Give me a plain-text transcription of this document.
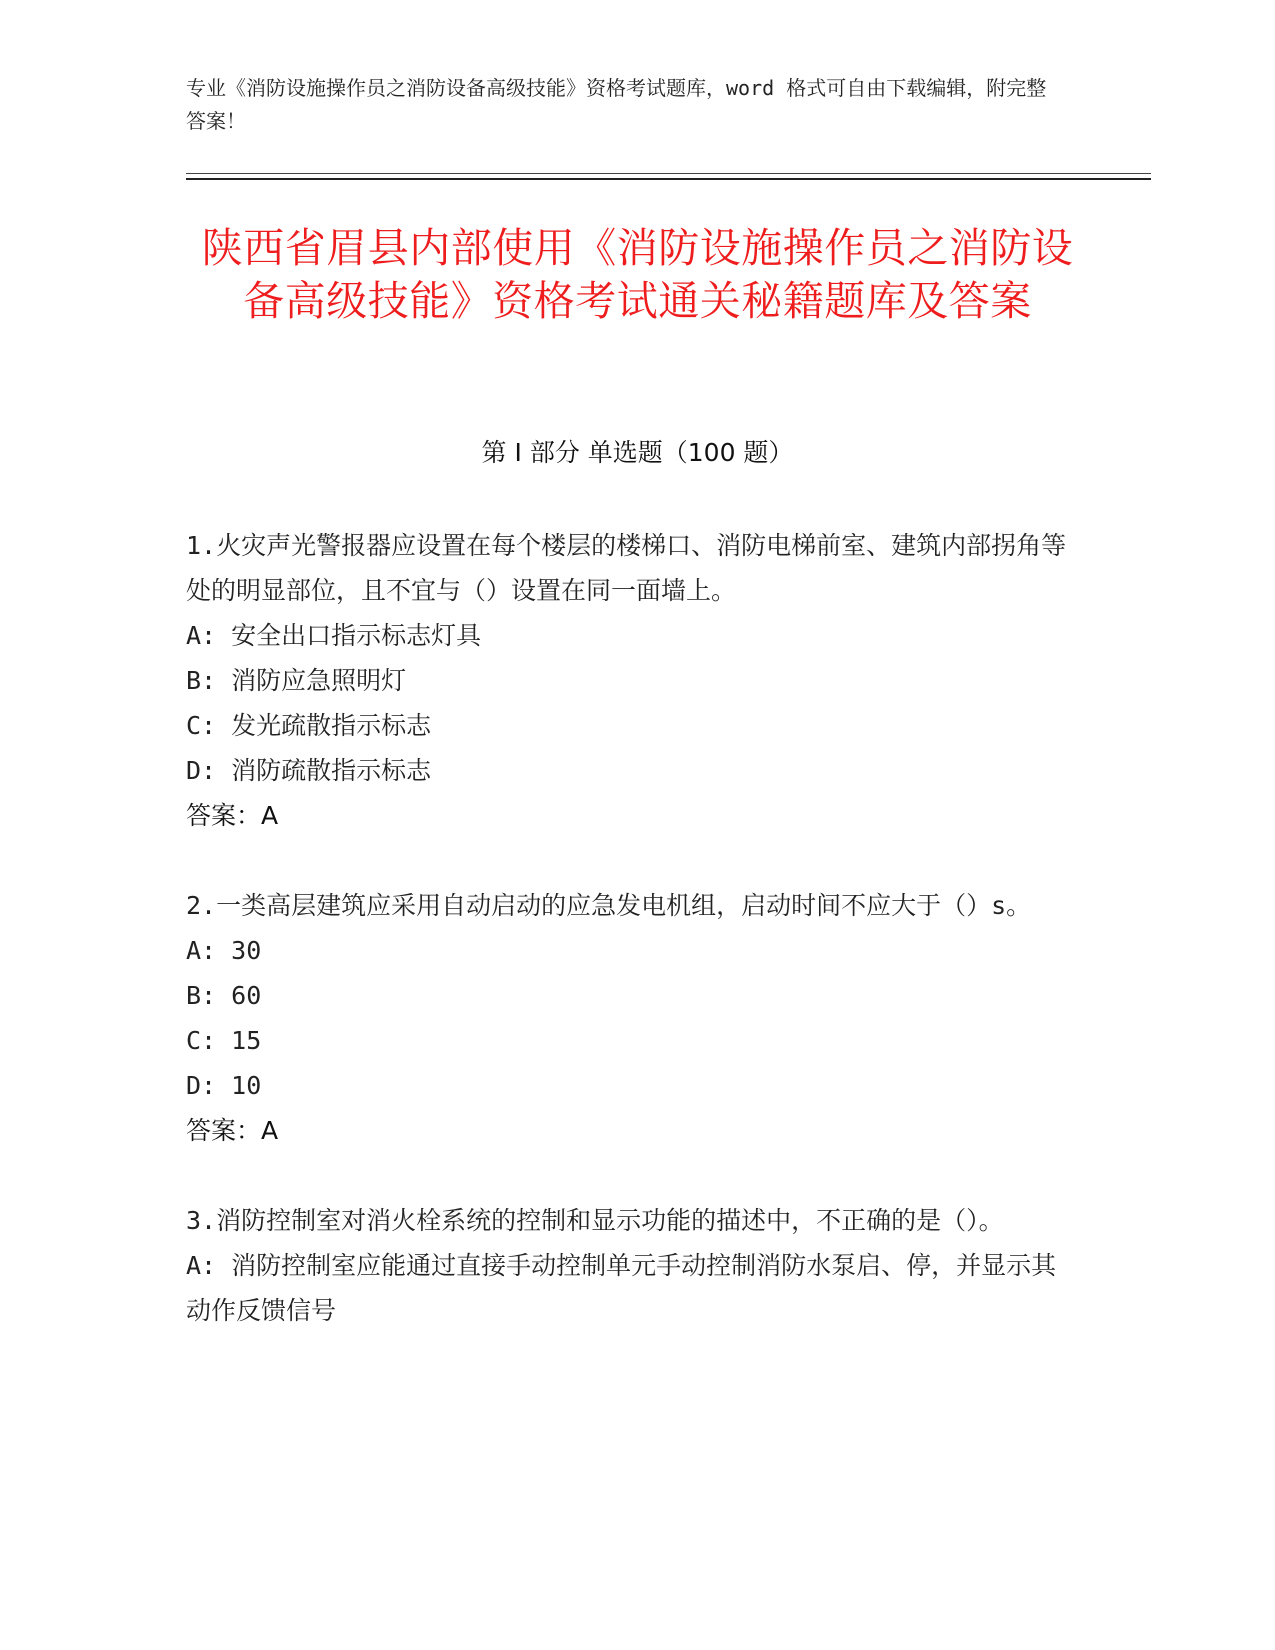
专业《消防设施操作员之消防设备高级技能》资格考试题库，word 格式可自由下载编辑，附完整答案！
陕西省眉县内部使用《消防设施操作员之消防设备高级技能》资格考试通关秘籍题库及答案
第 I 部分 单选题（100 题）

1.火灾声光警报器应设置在每个楼层的楼梯口、消防电梯前室、建筑内部拐角等处的明显部位，且不宜与（）设置在同一面墙上。

A: 安全出口指示标志灯具

B: 消防应急照明灯

C: 发光疏散指示标志

D: 消防疏散指示标志

答案：A

2.一类高层建筑应采用自动启动的应急发电机组，启动时间不应大于（）s。

A: 30

B: 60

C: 15

D: 10

答案：A

3.消防控制室对消火栓系统的控制和显示功能的描述中，不正确的是（）。

A: 消防控制室应能通过直接手动控制单元手动控制消防水泵启、停，并显示其动作反馈信号
